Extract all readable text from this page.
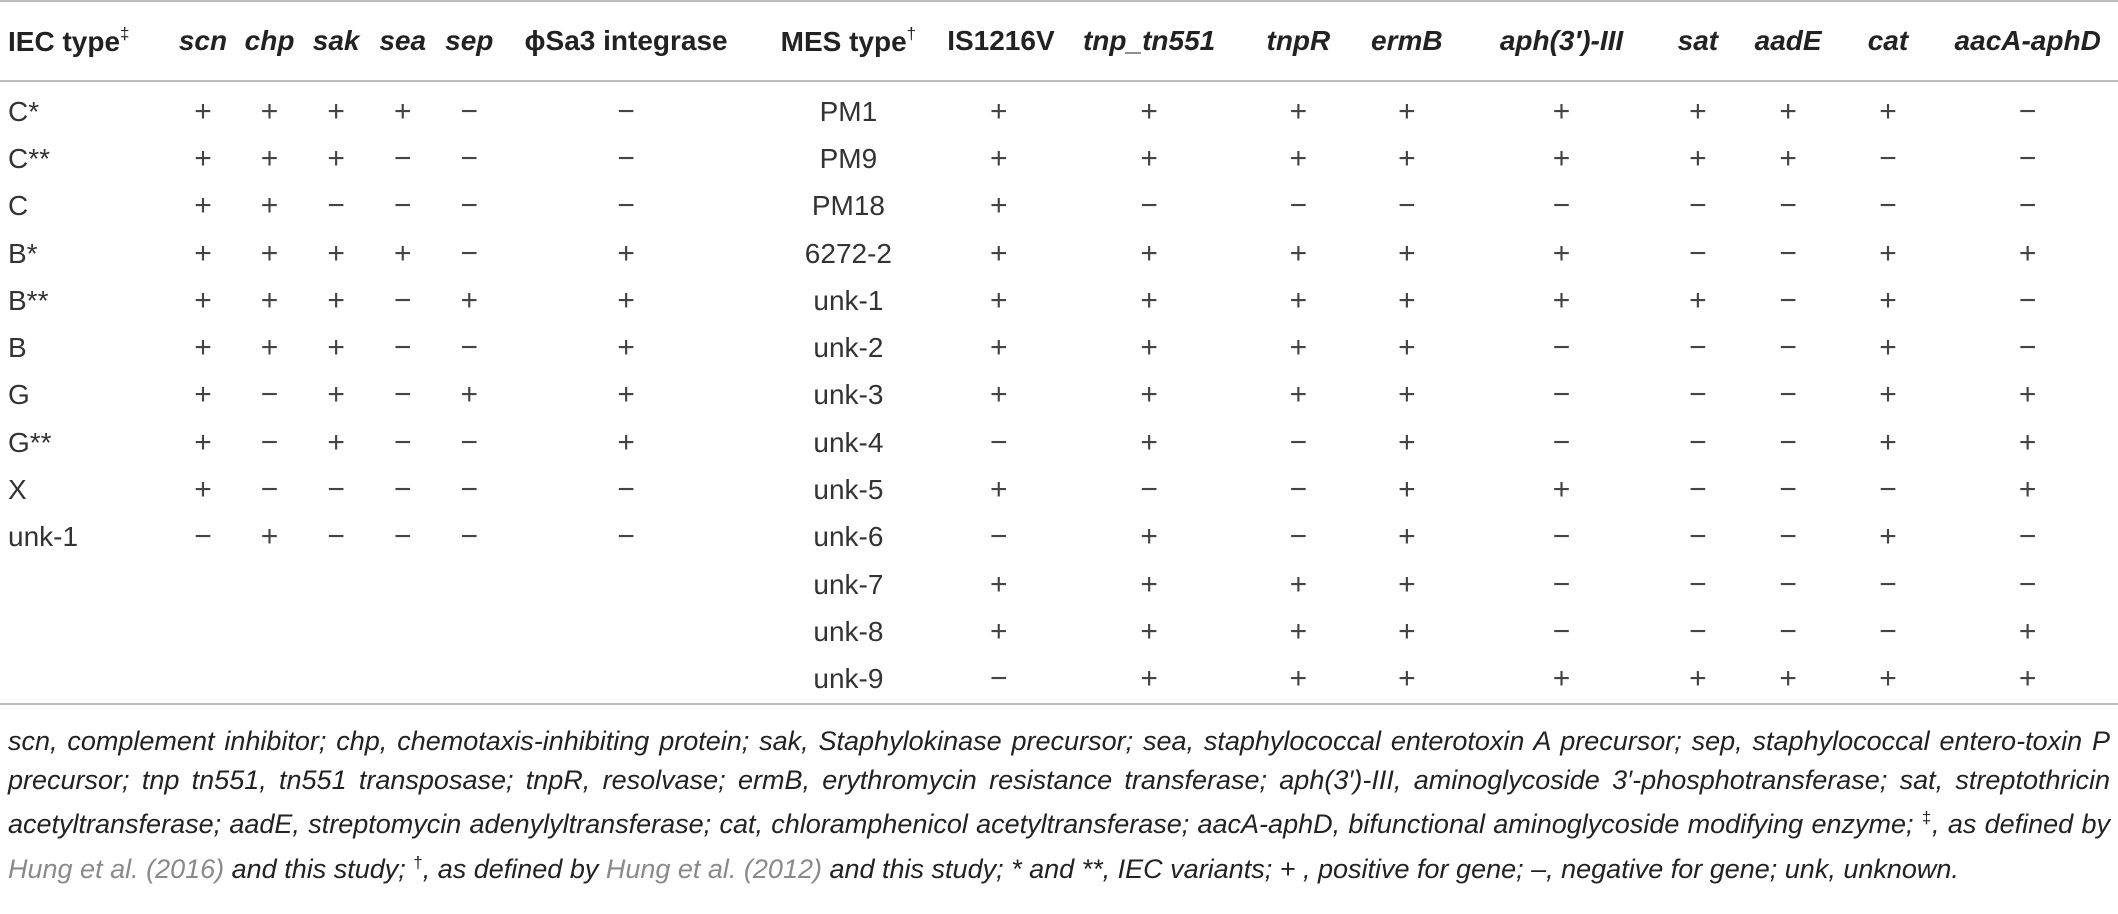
IEC type‡	scn	chp	sak	sea	sep	ϕSa3 integrase	MES type†	IS1216V	tnp_tn551	tnpR	ermB	aph(3′)-III	sat	aadE	cat	aacA-aphD
C*	+	+	+	+	−	−	PM1	+	+	+	+	+	+	+	+	−
C**	+	+	+	−	−	−	PM9	+	+	+	+	+	+	+	−	−
C	+	+	−	−	−	−	PM18	+	−	−	−	−	−	−	−	−
B*	+	+	+	+	−	+	6272-2	+	+	+	+	+	−	−	+	+
B**	+	+	+	−	+	+	unk-1	+	+	+	+	+	+	−	+	−
B	+	+	+	−	−	+	unk-2	+	+	+	+	−	−	−	+	−
G	+	−	+	−	+	+	unk-3	+	+	+	+	−	−	−	+	+
G**	+	−	+	−	−	+	unk-4	−	+	−	+	−	−	−	+	+
X	+	−	−	−	−	−	unk-5	+	−	−	+	+	−	−	−	+
unk-1	−	+	−	−	−	−	unk-6	−	+	−	+	−	−	−	+	−
							unk-7	+	+	+	+	−	−	−	−	−
							unk-8	+	+	+	+	−	−	−	−	+
							unk-9	−	+	+	+	+	+	+	+	+
scn, complement inhibitor; chp, chemotaxis-inhibiting protein; sak, Staphylokinase precursor; sea, staphylococcal enterotoxin A precursor; sep, staphylococcal entero-toxin P precursor; tnp tn551, tn551 transposase; tnpR, resolvase; ermB, erythromycin resistance transferase; aph(3′)-III, aminoglycoside 3′-phosphotransferase; sat, streptothricin acetyltransferase; aadE, streptomycin adenylyltransferase; cat, chloramphenicol acetyltransferase; aacA-aphD, bifunctional aminoglycoside modifying enzyme; ‡, as defined by Hung et al. (2016) and this study; †, as defined by Hung et al. (2012) and this study; * and **, IEC variants; + , positive for gene; –, negative for gene; unk, unknown.
